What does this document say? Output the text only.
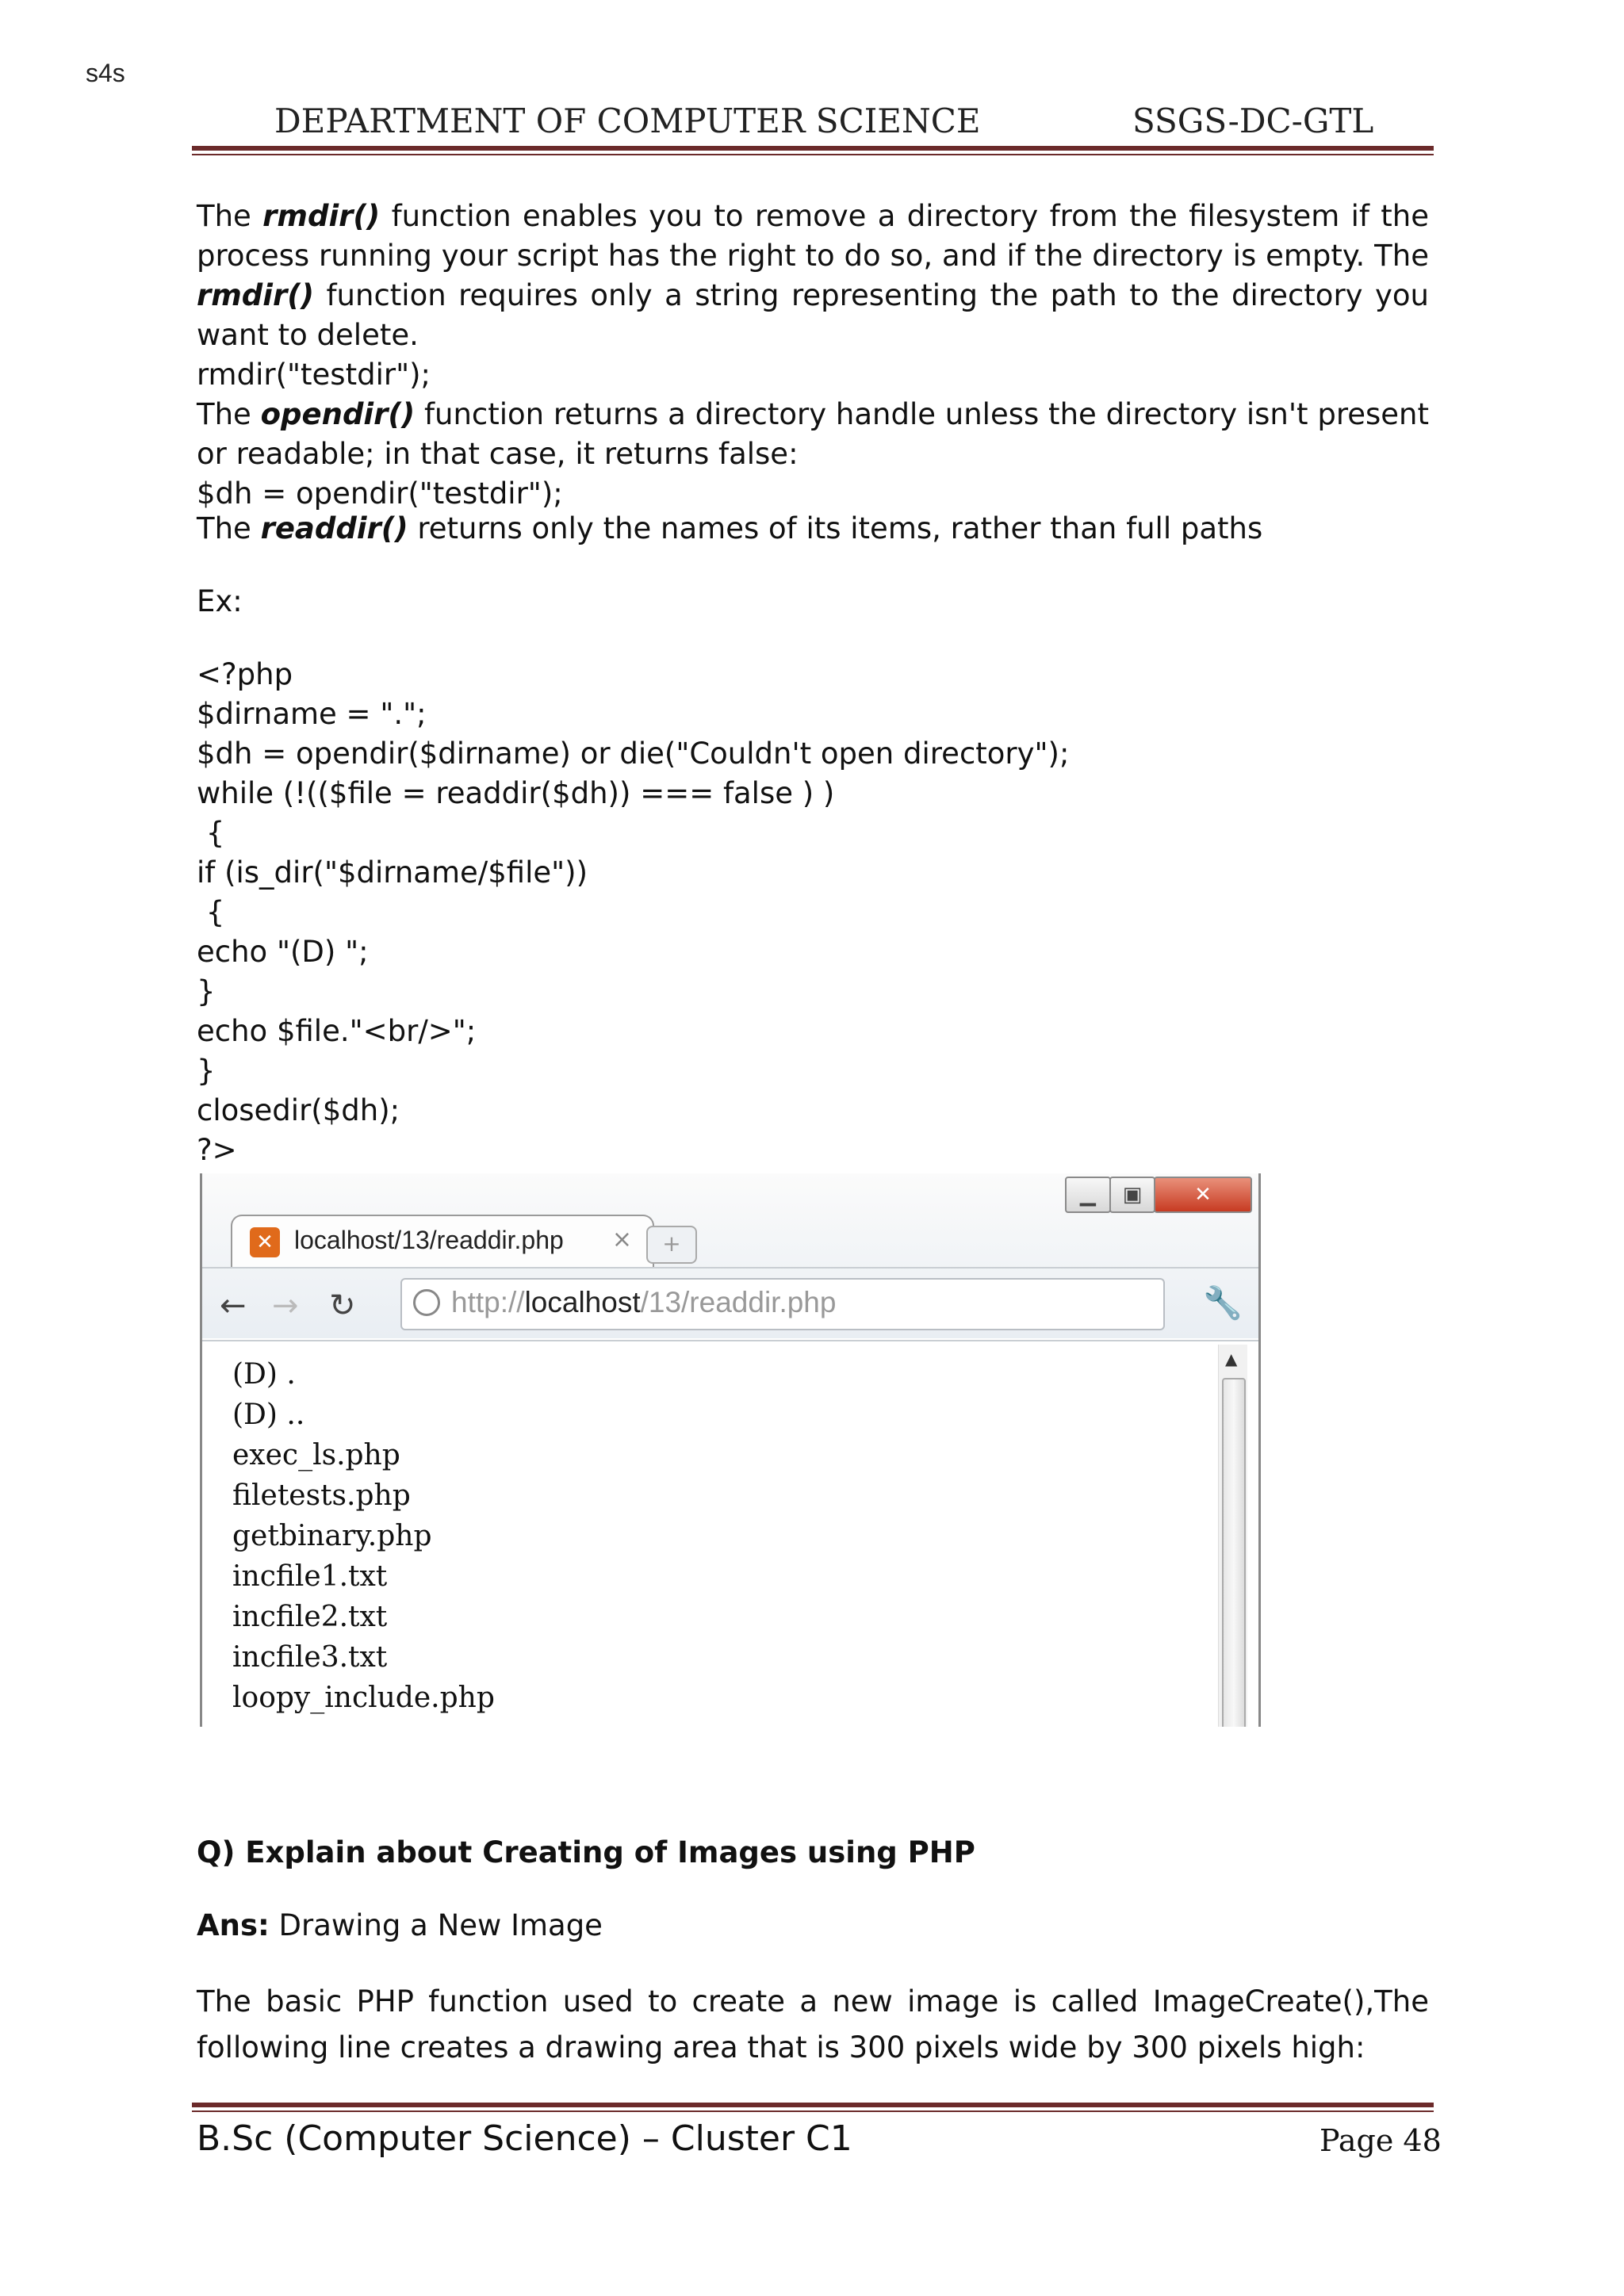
s4s
DEPARTMENT OF COMPUTER SCIENCE	SSGS-DC-GTL

The rmdir() function enables you to remove a directory from the filesystem if the process running your script has the right to do so, and if the directory is empty. The rmdir() function requires only a string representing the path to the directory you want to delete.

rmdir("testdir");

The opendir() function returns a directory handle unless the directory isn't present or readable; in that case, it returns false:

$dh = opendir("testdir");

The readdir() returns only the names of its items, rather than full paths

Ex:

<?php

$dirname = ".";

$dh = opendir($dirname) or die("Couldn't open directory");

while (!(($file = readdir($dh)) === false ) )

{

if (is_dir("$dirname/$file"))

{

echo "(D) ";

}

echo $file."<br/>";

}

closedir($dh);

?>

▁	▣	✕
✕ localhost/13/readdir.php ×	+
← → ↻	http://localhost/13/readdir.php	🔧
(D) .
(D) ..
exec_ls.php
filetests.php
getbinary.php
incfile1.txt
incfile2.txt
incfile3.txt
loopy_include.php
▲

Q) Explain about Creating of Images using PHP

Ans: Drawing a New Image

The basic PHP function used to create a new image is called ImageCreate(),The following line creates a drawing area that is 300 pixels wide by 300 pixels high:

B.Sc (Computer Science) – Cluster C1	Page 48
